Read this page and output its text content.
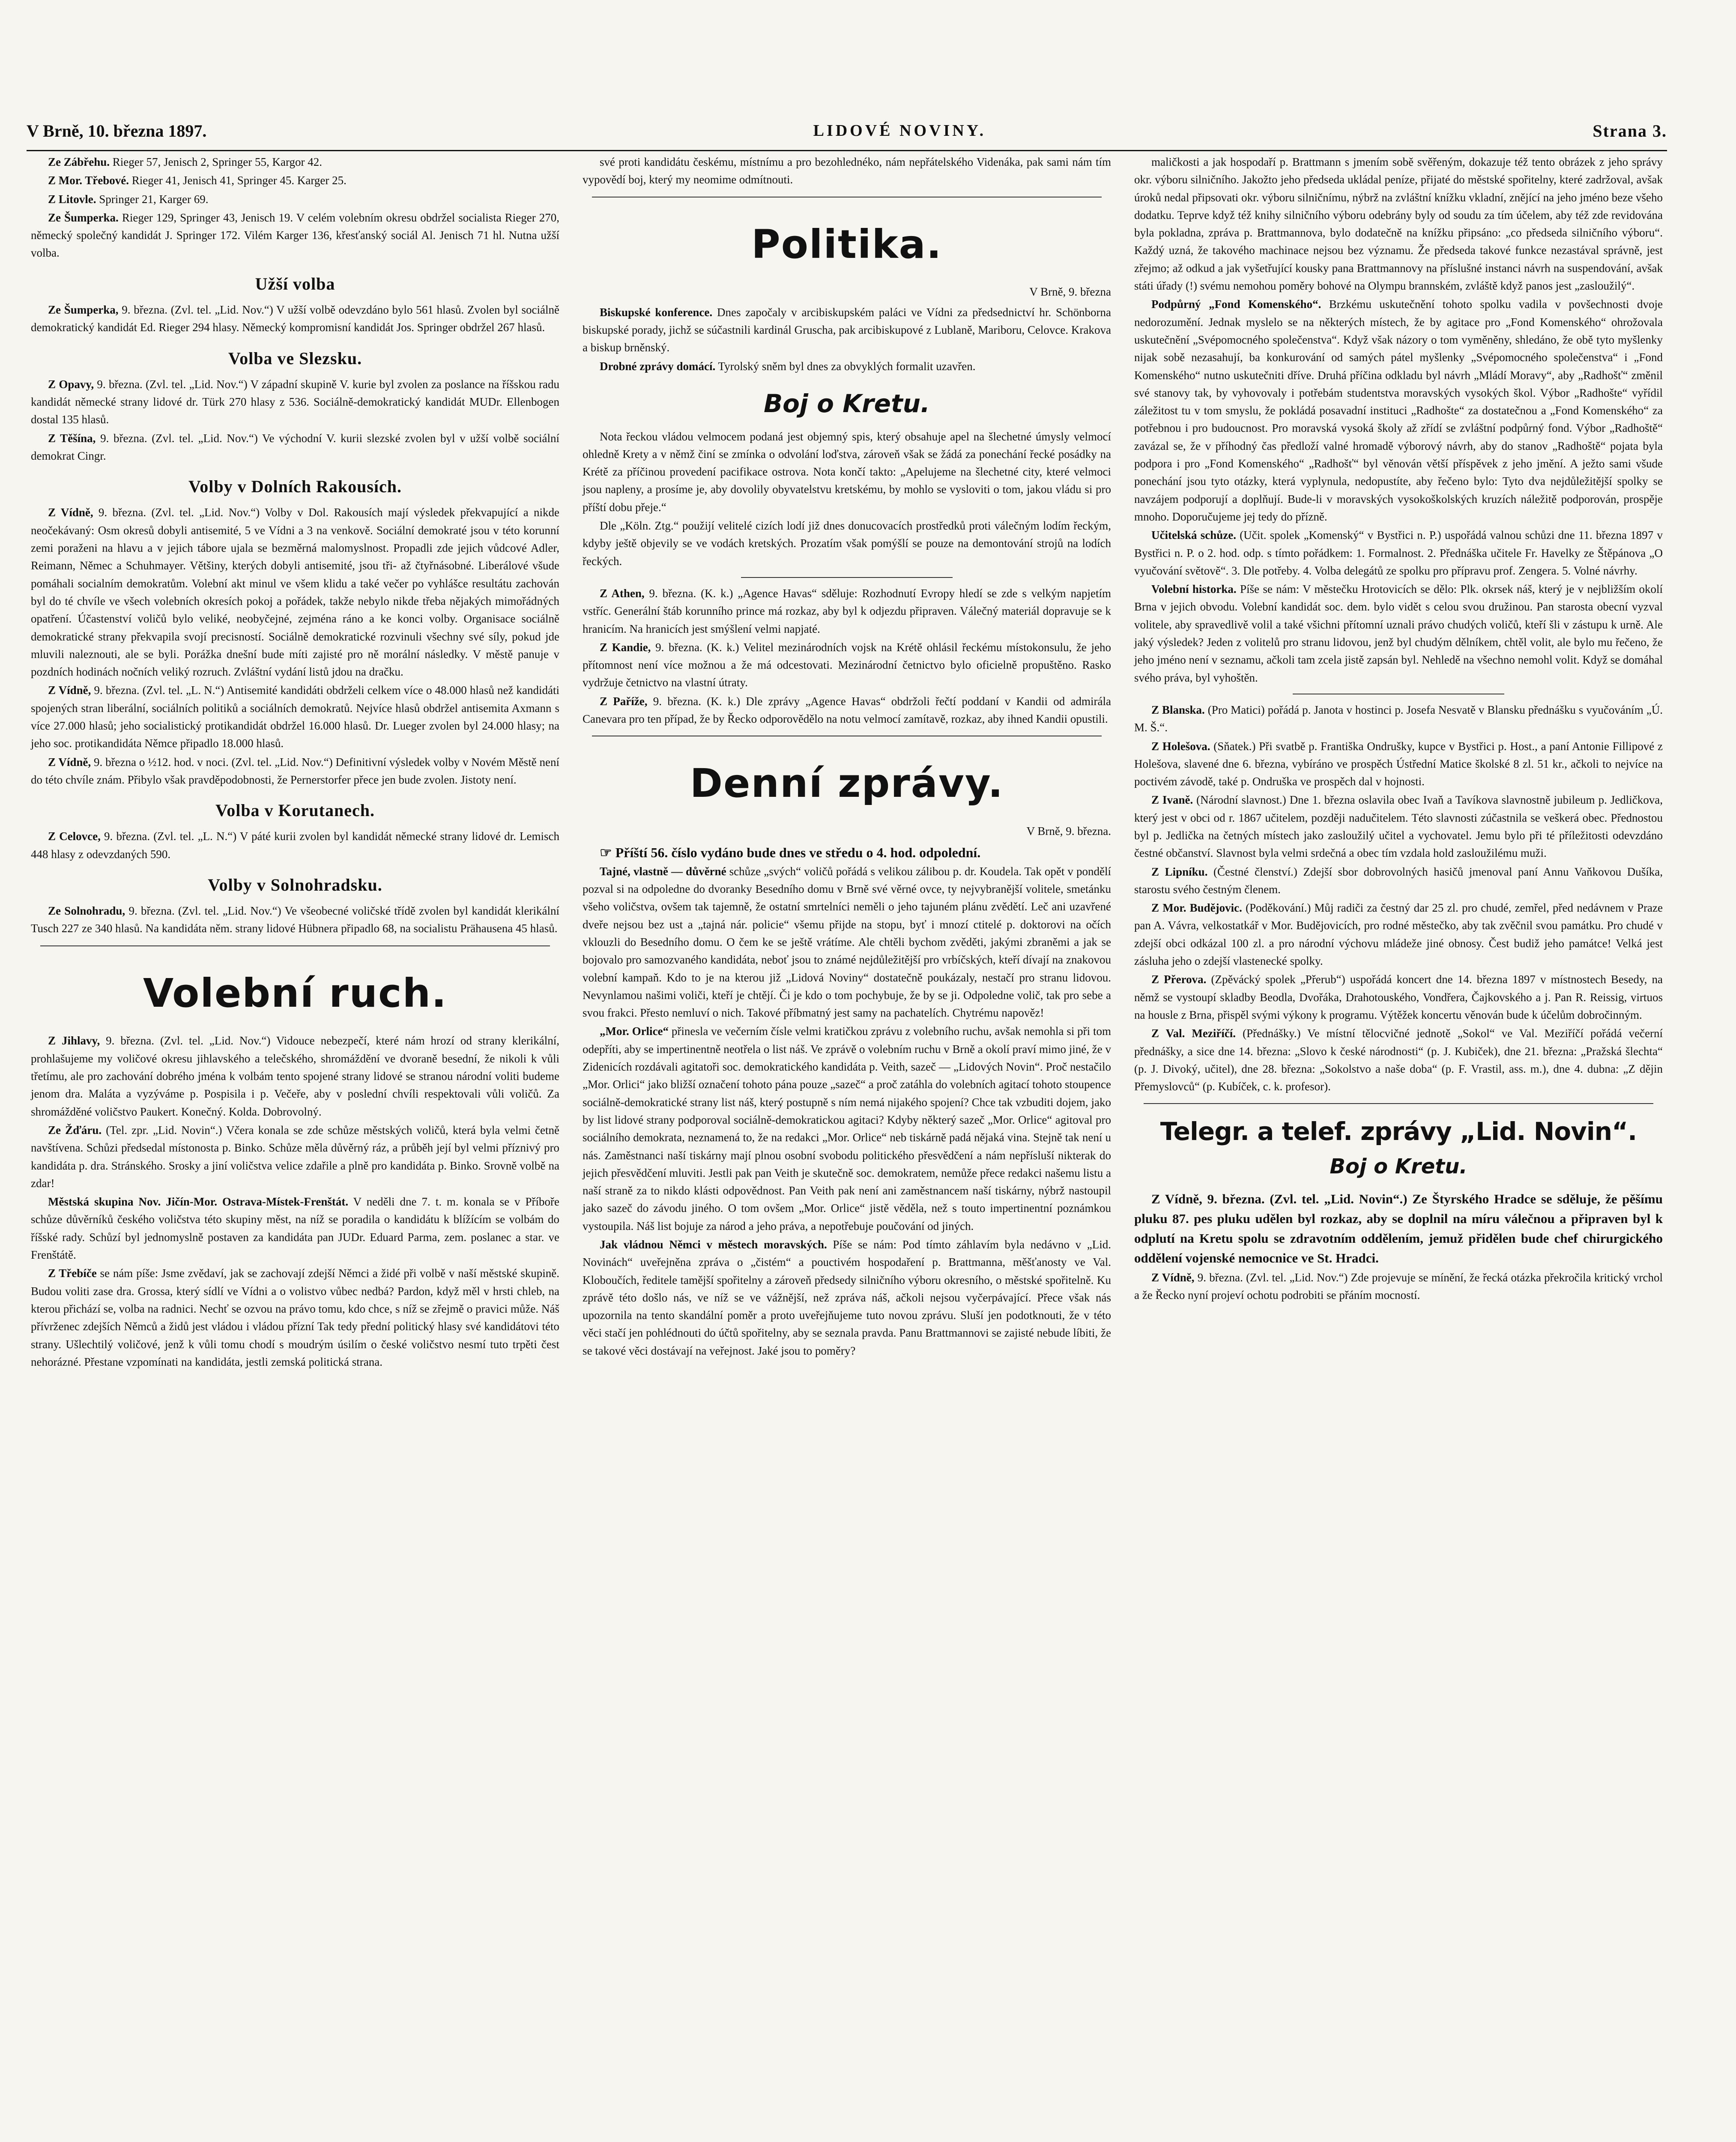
V Brně, 10. března 1897.	LIDOVÉ NOVINY.	Strana 3.
Ze Zábřehu. Rieger 57, Jenisch 2, Springer 55, Kargor 42.
Z Mor. Třebové. Rieger 41, Jenisch 41, Springer 45. Karger 25.
Z Litovle. Springer 21, Karger 69.
Ze Šumperka. Rieger 129, Springer 43, Jenisch 19. V celém volebním okresu obdržel socialista Rieger 270, německý společný kandidát J. Springer 172. Vilém Karger 136, křesťanský sociál Al. Jenisch 71 hl. Nutna užší volba.
Užší volba
Ze Šumperka, 9. března. (Zvl. tel. „Lid. Nov.“) V užší volbě odevzdáno bylo 561 hlasů. Zvolen byl sociálně demokratický kandidát Ed. Rieger 294 hlasy. Německý kompromisní kandidát Jos. Springer obdržel 267 hlasů.
Volba ve Slezsku.
Z Opavy, 9. března. (Zvl. tel. „Lid. Nov.“) V západní skupině V. kurie byl zvolen za poslance na říšskou radu kandidát německé strany lidové dr. Türk 270 hlasy z 536. Sociálně-demokratický kandidát MUDr. Ellenbogen dostal 135 hlasů.
Z Těšína, 9. března. (Zvl. tel. „Lid. Nov.“) Ve východní V. kurii slezské zvolen byl v užší volbě sociální demokrat Cingr.
Volby v Dolních Rakousích.
Z Vídně, 9. března. (Zvl. tel. „Lid. Nov.“) Volby v Dol. Rakousích mají výsledek překvapující a nikde neočekávaný: Osm okresů dobyli antisemité, 5 ve Vídni a 3 na venkově. Sociální demokraté jsou v této korunní zemi poraženi na hlavu a v jejich tábore ujala se bezměrná malomyslnost. Propadli zde jejich vůdcové Adler, Reimann, Němec a Schuhmayer. Většiny, kterých dobyli antisemité, jsou tři- až čtyřnásobné. Liberálové všude pomáhali socialním demokratům. Volební akt minul ve všem klidu a také večer po vyhlášce resultátu zachován byl do té chvíle ve všech volebních okresích pokoj a pořádek, takže nebylo nikde třeba nějakých mimořádných opatření. Účastenství voličů bylo veliké, neobyčejné, zejména ráno a ke konci volby. Organisace sociálně demokratické strany překvapila svojí precisností. Sociálně demokratické rozvinuli všechny své síly, pokud jde mluvili naleznouti, ale se byli. Porážka dnešní bude míti zajisté pro ně morální následky. V městě panuje v pozdních hodinách nočních veliký rozruch. Zvláštní vydání listů jdou na dračku.
Z Vídně, 9. března. (Zvl. tel. „L. N.“) Antisemité kandidáti obdrželi celkem více o 48.000 hlasů než kandidáti spojených stran liberální, sociálních politiků a sociálních demokratů. Nejvíce hlasů obdržel antisemita Axmann s více 27.000 hlasů; jeho socialistický protikandidát obdržel 16.000 hlasů. Dr. Lueger zvolen byl 24.000 hlasy; na jeho soc. protikandidáta Němce připadlo 18.000 hlasů.
Z Vídně, 9. března o ½12. hod. v noci. (Zvl. tel. „Lid. Nov.“) Definitivní výsledek volby v Novém Městě není do této chvíle znám. Přibylo však pravděpodobnosti, že Pernerstorfer přece jen bude zvolen. Jistoty není.
Volba v Korutanech.
Z Celovce, 9. března. (Zvl. tel. „L. N.“) V páté kurii zvolen byl kandidát německé strany lidové dr. Lemisch 448 hlasy z odevzdaných 590.
Volby v Solnohradsku.
Ze Solnohradu, 9. března. (Zvl. tel. „Lid. Nov.“) Ve všeobecné voličské třídě zvolen byl kandidát klerikální Tusch 227 ze 340 hlasů. Na kandidáta něm. strany lidové Hübnera připadlo 68, na socialistu Prähausena 45 hlasů.
Volební ruch.
Z Jihlavy, 9. března. (Zvl. tel. „Lid. Nov.“) Vidouce nebezpečí, které nám hrozí od strany klerikální, prohlašujeme my voličové okresu jihlavského a telečského, shromáždění ve dvoraně besední, že nikoli k vůli třetímu, ale pro zachování dobrého jména k volbám tento spojené strany lidové se stranou národní voliti budeme jenom dra. Maláta a vyzýváme p. Pospisila i p. Večeře, aby v poslední chvíli respektovali vůli voličů. Za shromážděné voličstvo Paukert. Konečný. Kolda. Dobrovolný.
Ze Žďáru. (Tel. zpr. „Lid. Novin“.) Včera konala se zde schůze městských voličů, která byla velmi četně navštívena. Schůzi předsedal místonosta p. Binko. Schůze měla důvěrný ráz, a průběh její byl velmi příznivý pro kandidáta p. dra. Stránského. Srosky a jiní voličstva velice zdařile a plně pro kandidáta p. Binko. Srovně volbě na zdar!
Městská skupina Nov. Jičín-Mor. Ostrava-Místek-Frenštát. V neděli dne 7. t. m. konala se v Příboře schůze důvěrníků českého voličstva této skupiny měst, na níž se poradila o kandidátu k blížícím se volbám do říšské rady. Schůzí byl jednomyslně postaven za kandidáta pan JUDr. Eduard Parma, zem. poslanec a star. ve Frenštátě.
Z Třebíče se nám píše: Jsme zvědaví, jak se zachovají zdejší Němci a židé při volbě v naší městské skupině. Budou voliti zase dra. Grossa, který sídlí ve Vídni a o volistvo vůbec nedbá? Pardon, když měl v hrsti chleb, na kterou přichází se, volba na radnici. Nechť se ozvou na právo tomu, kdo chce, s níž se zřejmě o pravici může. Náš přívrženec zdejších Němců a židů jest vládou i vládou přízní Tak tedy přední politický hlasy své kandidátovi této strany. Ušlechtilý voličové, jenž k vůli tomu chodí s moudrým úsilím o české voličstvo nesmí tuto trpěti čest nehorázné. Přestane vzpomínati na kandidáta, jestli zemská politická strana.
své proti kandidátu českému, místnímu a pro bezohlednéko, nám nepřátelského Videnáka, pak sami nám tím vypovědí boj, který my neomime odmítnouti.
Politika.
V Brně, 9. března
Biskupské konference. Dnes započaly v arcibiskupském paláci ve Vídni za předsednictví hr. Schönborna biskupské porady, jichž se súčastnili kardinál Gruscha, pak arcibiskupové z Lublaně, Mariboru, Celovce. Krakova a biskup brněnský.
Drobné zprávy domácí. Tyrolský sněm byl dnes za obvyklých formalit uzavřen.
Boj o Kretu.
Nota řeckou vládou velmocem podaná jest objemný spis, který obsahuje apel na šlechetné úmysly velmocí ohledně Krety a v němž činí se zmínka o odvolání loďstva, zároveň však se žádá za ponechání řecké posádky na Krétě za příčinou provedení pacifikace ostrova. Nota končí takto: „Apelujeme na šlechetné city, které velmoci jsou napleny, a prosíme je, aby dovolily obyvatelstvu kretskému, by mohlo se vysloviti o tom, jakou vládu si pro příští dobu přeje.“
Dle „Köln. Ztg.“ použijí velitelé cizích lodí již dnes donucovacích prostředků proti válečným lodím řeckým, kdyby ještě objevily se ve vodách kretských. Prozatím však pomýšlí se pouze na demontování strojů na lodích řeckých.
Z Athen, 9. března. (K. k.) „Agence Havas“ sděluje: Rozhodnutí Evropy hledí se zde s velkým napjetím vstříc. Generální štáb korunního prince má rozkaz, aby byl k odjezdu připraven. Válečný materiál dopravuje se k hranicím. Na hranicích jest smýšlení velmi napjaté.
Z Kandie, 9. března. (K. k.) Velitel mezinárodních vojsk na Krétě ohlásil řeckému místokonsulu, že jeho přítomnost není více možnou a že má odcestovati. Mezinárodní četnictvo bylo oficielně propuštěno. Rasko vydržuje četnictvo na vlastní útraty.
Z Paříže, 9. března. (K. k.) Dle zprávy „Agence Havas“ obdržoli řečtí poddaní v Kandii od admirála Canevara pro ten případ, že by Řecko odporovědělo na notu velmocí zamítavě, rozkaz, aby ihned Kandii opustili.
Denní zprávy.
V Brně, 9. března.
☞ Příští 56. číslo vydáno bude dnes ve středu o 4. hod. odpolední.
Tajné, vlastně — důvěrné schůze „svých“ voličů pořádá s velikou zálibou p. dr. Koudela. Tak opět v pondělí pozval si na odpoledne do dvoranky Besedního domu v Brně své věrné ovce, ty nejvybranější volitele, smetánku všeho voličstva, ovšem tak tajemně, že ostatní smrtelníci neměli o jeho tajuném plánu zvědětí. Leč ani uzavřené dveře nejsou bez ust a „tajná nár. policie“ všemu přijde na stopu, byť i mnozí ctitelé p. doktorovi na očích vklouzli do Besedního domu. O čem ke se ještě vrátíme. Ale chtěli bychom zvěděti, jakými zbraněmi a jak se bojovalo pro samozvaného kandidáta, neboť jsou to známé nejdůležitější pro vrbíčských, kteří dívají na znakovou volební kampaň. Kdo to je na kterou již „Lidová Noviny“ dostatečně poukázaly, nestačí pro stranu lidovou. Nevynlamou našimi voliči, kteří je chtějí. Či je kdo o tom pochybuje, že by se ji. Odpoledne volič, tak pro sebe a svou frakci. Přesto nemluví o nich. Takové příbmatný jest samy na pachatelích. Chytrému napověz!
„Mor. Orlice“ přinesla ve večerním čísle velmi kratičkou zprávu z volebního ruchu, avšak nemohla si při tom odepříti, aby se impertinentně neotřela o list náš. Ve zprávě o volebním ruchu v Brně a okolí praví mimo jiné, že v Zidenicích rozdávali agitatoři soc. demokratického kandidáta p. Veith, sazeč — „Lidových Novin“. Proč nestačilo „Mor. Orlici“ jako bližší označení tohoto pána pouze „sazeč“ a proč zatáhla do volebních agitací tohoto stoupence sociálně-demokratické strany list náš, který postupně s ním nemá nijakého spojení? Chce tak vzbuditi dojem, jako by list lidové strany podporoval sociálně-demokratickou agitaci? Kdyby některý sazeč „Mor. Orlice“ agitoval pro sociálního demokrata, neznamená to, že na redakci „Mor. Orlice“ neb tiskárně padá nějaká vina. Stejně tak není u nás. Zaměstnanci naší tiskárny mají plnou osobní svobodu politického přesvědčení a nám nepřísluší nikterak do jejich přesvědčení mluviti. Jestli pak pan Veith je skutečně soc. demokratem, nemůže přece redakci našemu listu a naší straně za to nikdo klásti odpovědnost. Pan Veith pak není ani zaměstnancem naší tiskárny, nýbrž nastoupil jako sazeč do závodu jiného. O tom ovšem „Mor. Orlice“ jistě věděla, než s touto impertinentní poznámkou vystoupila. Náš list bojuje za národ a jeho práva, a nepotřebuje poučování od jiných.
Jak vládnou Němci v městech moravských. Píše se nám: Pod tímto záhlavím byla nedávno v „Lid. Novinách“ uveřejněna zpráva o „čistém“ a pouctivém hospodaření p. Brattmanna, měšťanosty ve Val. Kloboučích, ředitele tamější spořitelny a zároveň předsedy silničního výboru okresního, o městské spořitelně. Ku zprávě této došlo nás, ve níž se ve vážnější, než zpráva náš, ačkoli nejsou vyčerpávající. Přece však nás upozornila na tento skandální poměr a proto uveřejňujeme tuto novou zprávu. Sluší jen podotknouti, že v této věci stačí jen pohlédnouti do účtů spořitelny, aby se seznala pravda. Panu Brattmannovi se zajisté nebude líbiti, že se takové věci dostávají na veřejnost. Jaké jsou to poměry?
maličkosti a jak hospodaří p. Brattmann s jmením sobě svěřeným, dokazuje též tento obrázek z jeho správy okr. výboru silničního. Jakožto jeho předseda ukládal peníze, přijaté do městské spořitelny, které zadržoval, avšak úroků nedal připsovati okr. výboru silničnímu, nýbrž na zvláštní knížku vkladní, znějící na jeho jméno beze všeho dodatku. Teprve když též knihy silničního výboru odebrány byly od soudu za tím účelem, aby též zde revidována byla pokladna, zpráva p. Brattmannova, bylo dodatečně na knížku připsáno: „co předseda silničního výboru“. Každý uzná, že takového machinace nejsou bez významu. Že předseda takové funkce nezastával správně, jest zřejmo; až odkud a jak vyšetřující kousky pana Brattmannovy na příslušné instanci návrh na suspendování, avšak státi úřady (!) svému nemohou poměry bohové na Olympu brannském, zvláště když panos jest „zasloužilý“.
Podpůrný „Fond Komenského“. Brzkému uskutečnění tohoto spolku vadila v povšechnosti dvoje nedorozumění. Jednak myslelo se na některých místech, že by agitace pro „Fond Komenského“ ohrožovala uskutečnění „Svépomocného společenstva“. Když však názory o tom vyměněny, shledáno, že obě tyto myšlenky nijak sobě nezasahují, ba konkurování od samých pátel myšlenky „Svépomocného společenstva“ i „Fond Komenského“ nutno uskutečniti dříve. Druhá příčina odkladu byl návrh „Mládí Moravy“, aby „Radhošť“ změnil své stanovy tak, by vyhovovaly i potřebám studentstva moravských vysokých škol. Výbor „Radhošte“ vyřídil záležitost tu v tom smyslu, že pokládá posavadní instituci „Radhošte“ za dostatečnou a „Fond Komenského“ za potřebnou i pro budoucnost. Pro moravská vysoká školy až zřídí se zvláštní podpůrný fond. Výbor „Radhoště“ zavázal se, že v příhodný čas předloží valné hromadě výborový návrh, aby do stanov „Radhoště“ pojata byla podpora i pro „Fond Komenského“ „Radhošť“ byl věnován větší příspěvek z jeho jmění. A ježto sami všude ponechání jsou tyto otázky, která vyplynula, nedopustíte, aby řečeno bylo: Tyto dva nejdůležitější spolky se navzájem podporují a doplňují. Bude-li v moravských vysokoškolských kruzích náležitě podporován, prospěje mnoho. Doporučujeme jej tedy do přízně.
Učitelská schůze. (Učit. spolek „Komenský“ v Bystřici n. P.) uspořádá valnou schůzi dne 11. března 1897 v Bystřici n. P. o 2. hod. odp. s tímto pořádkem: 1. Formalnost. 2. Přednáška učitele Fr. Havelky ze Štěpánova „O vyučování světově“. 3. Dle potřeby. 4. Volba delegátů ze spolku pro přípravu prof. Zengera. 5. Volné návrhy.
Volební historka. Píše se nám: V městečku Hrotovicích se dělo: Plk. okrsek náš, který je v nejbližším okolí Brna v jejich obvodu. Volební kandidát soc. dem. bylo vidět s celou svou družinou. Pan starosta obecní vyzval volitele, aby spravedlivě volil a také všichni přítomní uznali právo chudých voličů, kteří šli v zástupu k urně. Ale jaký výsledek? Jeden z volitelů pro stranu lidovou, jenž byl chudým dělníkem, chtěl volit, ale bylo mu řečeno, že jeho jméno není v seznamu, ačkoli tam zcela jistě zapsán byl. Nehledě na všechno nemohl volit. Když se domáhal svého práva, byl vyhoštěn.
Z Blanska. (Pro Matici) pořádá p. Janota v hostinci p. Josefa Nesvatě v Blansku přednášku s vyučováním „Ú. M. Š.“.
Z Holešova. (Sňatek.) Při svatbě p. Františka Ondrušky, kupce v Bystřici p. Host., a paní Antonie Fillipové z Holešova, slavené dne 6. března, vybíráno ve prospěch Ústřední Matice školské 8 zl. 51 kr., ačkoli to nejvíce na poctivém závodě, také p. Ondruška ve prospěch dal v hojnosti.
Z Ivaně. (Národní slavnost.) Dne 1. března oslavila obec Ivaň a Tavíkova slavnostně jubileum p. Jedličkova, který jest v obci od r. 1867 učitelem, později nadučitelem. Této slavnosti zúčastnila se veškerá obec. Přednostou byl p. Jedlička na četných místech jako zasloužilý učitel a vychovatel. Jemu bylo při té příležitosti odevzdáno čestné občanství. Slavnost byla velmi srdečná a obec tím vzdala hold zasloužilému muži.
Z Lipníku. (Čestné členství.) Zdejší sbor dobrovolných hasičů jmenoval paní Annu Vaňkovou Dušíka, starostu svého čestným členem.
Z Mor. Budějovic. (Poděkování.) Můj radiči za čestný dar 25 zl. pro chudé, zemřel, před nedávnem v Praze pan A. Vávra, velkostatkář v Mor. Budějovicích, pro rodné městečko, aby tak zvěčnil svou památku. Pro chudé v zdejší obci odkázal 100 zl. a pro národní výchovu mládeže jiné obnosy. Čest budiž jeho památce! Velká jest zásluha jeho o zdejší vlastenecké spolky.
Z Přerova. (Zpěvácký spolek „Přerub“) uspořádá koncert dne 14. března 1897 v místnostech Besedy, na němž se vystoupí skladby Beodla, Dvořáka, Drahotouského, Vondřera, Čajkovského a j. Pan R. Reissig, virtuos na housle z Brna, přispěl svými výkony k programu. Výtěžek koncertu věnován bude k účelům dobročinným.
Z Val. Meziříčí. (Přednášky.) Ve místní tělocvičné jednotě „Sokol“ ve Val. Meziříčí pořádá večerní přednášky, a sice dne 14. března: „Slovo k české národnosti“ (p. J. Kubiček), dne 21. března: „Pražská šlechta“ (p. J. Divoký, učitel), dne 28. března: „Sokolstvo a naše doba“ (p. F. Vrastil, ass. m.), dne 4. dubna: „Z dějin Přemyslovců“ (p. Kubíček, c. k. profesor).
Telegr. a telef. zprávy „Lid. Novin“.
Boj o Kretu.
Z Vídně, 9. března. (Zvl. tel. „Lid. Novin“.) Ze Štyrského Hradce se sděluje, že pěšímu pluku 87. pes pluku udělen byl rozkaz, aby se doplnil na míru válečnou a připraven byl k odplutí na Kretu spolu se zdravotním oddělením, jemuž přidělen bude chef chirurgického oddělení vojenské nemocnice ve St. Hradci.
Z Vídně, 9. března. (Zvl. tel. „Lid. Nov.“) Zde projevuje se mínění, že řecká otázka překročila kritický vrchol a že Řecko nyní projeví ochotu podrobiti se přáním mocností.
